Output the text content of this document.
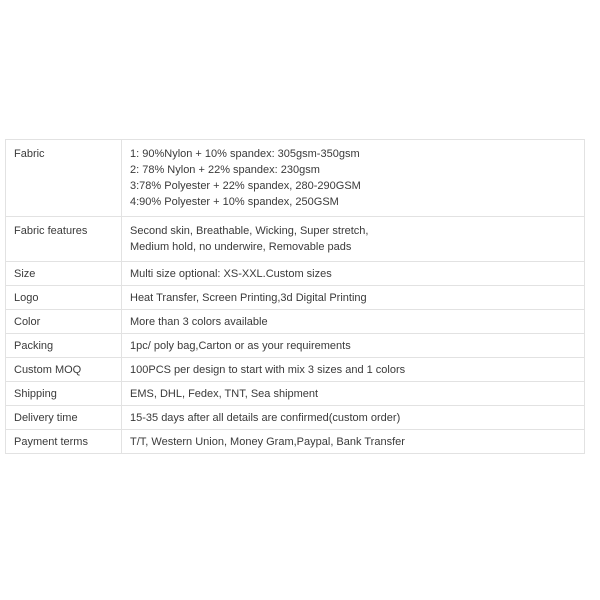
Fabric	1: 90%Nylon + 10% spandex: 305gsm-350gsm
2: 78% Nylon + 22% spandex: 230gsm
3:78% Polyester + 22% spandex, 280-290GSM
4:90% Polyester + 10% spandex, 250GSM

Fabric features	Second skin, Breathable, Wicking, Super stretch,
Medium hold, no underwire, Removable pads

Size	Multi size optional: XS-XXL.Custom sizes

Logo	Heat Transfer, Screen Printing,3d Digital Printing

Color	More than 3 colors available

Packing	1pc/ poly bag,Carton or as your requirements

Custom MOQ	100PCS per design to start with mix 3 sizes and 1 colors

Shipping	EMS, DHL, Fedex, TNT, Sea shipment

Delivery time	15-35 days after all details are confirmed(custom order)

Payment terms	T/T, Western Union, Money Gram,Paypal, Bank Transfer
